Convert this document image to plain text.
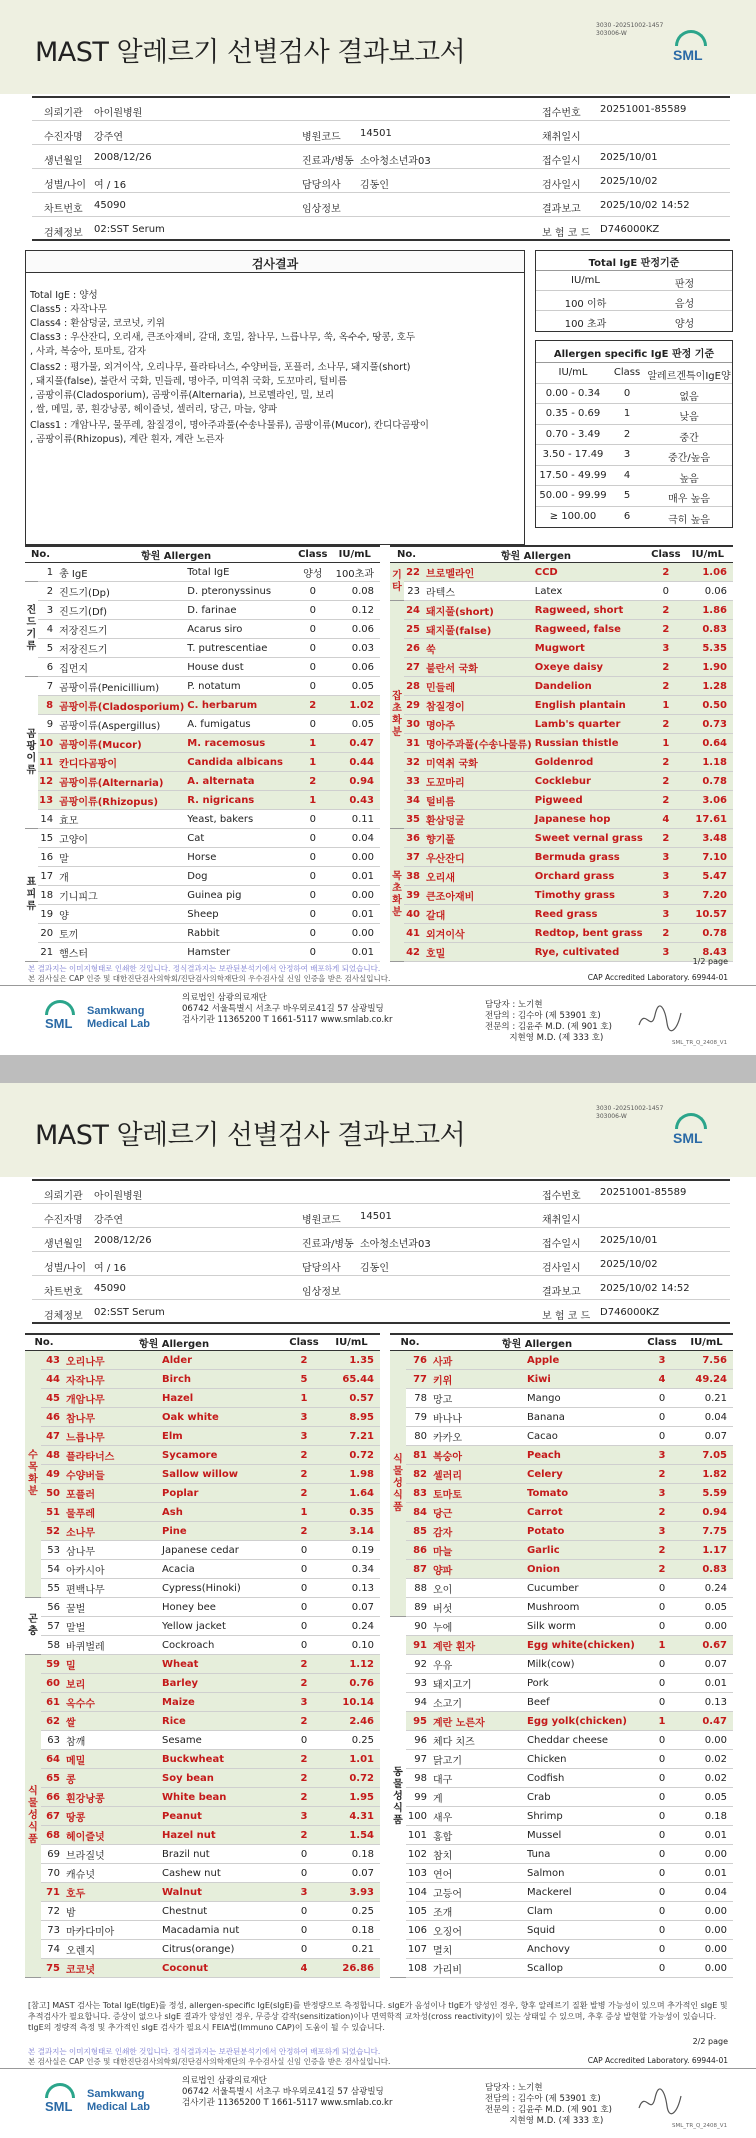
MAST 알레르기 선별검사 결과보고서
3030 -20251002-1457
303006-W
SML
의뢰기관 아이원병원	접수번호 20251001-85589
수진자명 강주연	병원코드 14501	채취일시
생년월일 2008/12/26	진료과/병동 소아청소년과03	접수일시 2025/10/01
성별/나이 여 / 16	담당의사 김동인	검사일시 2025/10/02
차트번호 45090	임상정보	결과보고 2025/10/02 14:52
검체정보 02:SST Serum	보 험 코 드 D746000KZ
검사결과
Total IgE : 양성
Class5 : 자작나무
Class4 : 환삼덩굴, 코코넛, 키위
Class3 : 우산잔디, 오리새, 큰조아재비, 갈대, 호밀, 참나무, 느릅나무, 쑥, 옥수수, 땅콩, 호두
, 사과, 복숭아, 토마토, 감자
Class2 : 평가물, 외겨이삭, 오리나무, 플라타너스, 수양버들, 포플러, 소나무, 돼지풀(short)
, 돼지풀(false), 불란서 국화, 민들레, 명아주, 미역취 국화, 도꼬마리, 털비름
, 곰팡이류(Cladosporium), 곰팡이류(Alternaria), 브로멜라인, 밀, 보리
, 쌀, 메밀, 콩, 흰강낭콩, 헤이즐넛, 셀러리, 당근, 마늘, 양파
Class1 : 개암나무, 물푸레, 참질경이, 명아주과풀(수송나물류), 곰팡이류(Mucor), 칸디다곰팡이
, 곰팡이류(Rhizopus), 계란 흰자, 계란 노른자
Total IgE 판정기준
IU/mL	판정
100 이하	음성
100 초과	양성
Allergen specific IgE 판정 기준
IU/mL	Class 알레르겐특이IgE양
0.00 - 0.34	0	없음
0.35 - 0.69	1	낮음
0.70 - 3.49	2	중간
3.50 - 17.49	3	중간/높음
17.50 - 49.99	4	높음
50.00 - 99.99	5	매우 높음
≥ 100.00	6	극히 높음
No.		항원 Allergen		Class	IU/mL
	1	총 IgE	Total IgE	양성	100초과

진
드
기
류	2	진드기(Dp)	D. pteronyssinus	0	0.08
	3	진드기(Df)	D. farinae	0	0.12
	4	저장진드기	Acarus siro	0	0.06
	5	저장진드기	T. putrescentiae	0	0.03
	6	집먼지	House dust	0	0.06

곰
팡
이
류	7	곰팡이류(Penicillium)	P. notatum	0	0.05
	8	곰팡이류(Cladosporium)	C. herbarum	2	1.02
	9	곰팡이류(Aspergillus)	A. fumigatus	0	0.05
	10	곰팡이류(Mucor)	M. racemosus	1	0.47
	11	칸디다곰팡이	Candida albicans	1	0.44
	12	곰팡이류(Alternaria)	A. alternata	2	0.94
	13	곰팡이류(Rhizopus)	R. nigricans	1	0.43
	14	효모	Yeast, bakers	0	0.11

표
피
류	15	고양이	Cat	0	0.04
	16	말	Horse	0	0.00
	17	개	Dog	0	0.01
	18	기니피그	Guinea pig	0	0.00
	19	양	Sheep	0	0.01
	20	토끼	Rabbit	0	0.00
	21	햄스터	Hamster	0	0.01
No.		항원 Allergen		Class	IU/mL

기
타	22	브로멜라인	CCD	2	1.06
	23	라텍스	Latex	0	0.06

잡
초
화
분	24	돼지풀(short)	Ragweed, short	2	1.86
	25	돼지풀(false)	Ragweed, false	2	0.83
	26	쑥	Mugwort	3	5.35
	27	불란서 국화	Oxeye daisy	2	1.90
	28	민들레	Dandelion	2	1.28
	29	참질경이	English plantain	1	0.50
	30	명아주	Lamb's quarter	2	0.73
	31	명아주과풀(수송나물류)	Russian thistle	1	0.64
	32	미역취 국화	Goldenrod	2	1.18
	33	도꼬마리	Cocklebur	2	0.78
	34	털비름	Pigweed	2	3.06
	35	환삼덩굴	Japanese hop	4	17.61

목
초
화
분	36	향기풀	Sweet vernal grass	2	3.48
	37	우산잔디	Bermuda grass	3	7.10
	38	오리새	Orchard grass	3	5.47
	39	큰조아재비	Timothy grass	3	7.20
	40	갈대	Reed grass	3	10.57
	41	외겨이삭	Redtop, bent grass	2	0.78
	42	호밀	Rye, cultivated	3	8.43
본 결과지는 이미지형태로 인쇄한 것입니다. 정식결과지는 보관된분석기에서 안정하여 배포하게 되었습니다.
1/2 page
본 검사실은 CAP 인증 및 대한진단검사의학회/진단검사의학재단의 우수검사실 신임 인증을 받은 검사실입니다.	CAP Accredited Laboratory. 69944-01
SML
Samkwang
Medical Lab
의료법인 삼광의료재단
06742 서울특별시 서초구 바우뫼로41길 57 삼광빌딩
검사기관 11365200 T 1661-5117 www.smlab.co.kr
담당자 : 노기현
전담의 : 김수아 (제 53901 호)
전문의 : 김윤주 M.D. (제 901 호)
지현영 M.D. (제 333 호)	SML_TR_Q_2408_V1
MAST 알레르기 선별검사 결과보고서
3030 -20251002-1457
303006-W
SML
의뢰기관 아이원병원	접수번호 20251001-85589
수진자명 강주연	병원코드 14501	채취일시
생년월일 2008/12/26	진료과/병동 소아청소년과03	접수일시 2025/10/01
성별/나이 여 / 16	담당의사 김동인	검사일시 2025/10/02
차트번호 45090	임상정보	결과보고 2025/10/02 14:52
검체정보 02:SST Serum	보 험 코 드 D746000KZ
No.		항원 Allergen		Class	IU/mL

수
목
화
분	43	오리나무	Alder	2	1.35
	44	자작나무	Birch	5	65.44
	45	개암나무	Hazel	1	0.57
	46	참나무	Oak white	3	8.95
	47	느릅나무	Elm	3	7.21
	48	플라타너스	Sycamore	2	0.72
	49	수양버들	Sallow willow	2	1.98
	50	포플러	Poplar	2	1.64
	51	물푸레	Ash	1	0.35
	52	소나무	Pine	2	3.14
	53	삼나무	Japanese cedar	0	0.19
	54	아카시아	Acacia	0	0.34
	55	편백나무	Cypress(Hinoki)	0	0.13

곤
충	56	꿀벌	Honey bee	0	0.07
	57	말벌	Yellow jacket	0	0.24
	58	바퀴벌레	Cockroach	0	0.10

식
물
성
식
품	59	밀	Wheat	2	1.12
	60	보리	Barley	2	0.76
	61	옥수수	Maize	3	10.14
	62	쌀	Rice	2	2.46
	63	참깨	Sesame	0	0.25
	64	메밀	Buckwheat	2	1.01
	65	콩	Soy bean	2	0.72
	66	흰강낭콩	White bean	2	1.95
	67	땅콩	Peanut	3	4.31
	68	헤이즐넛	Hazel nut	2	1.54
	69	브라질넛	Brazil nut	0	0.18
	70	캐슈넛	Cashew nut	0	0.07
	71	호두	Walnut	3	3.93
	72	밤	Chestnut	0	0.25
	73	마카다미아	Macadamia nut	0	0.18
	74	오렌지	Citrus(orange)	0	0.21
	75	코코넛	Coconut	4	26.86
No.		항원 Allergen		Class	IU/mL

식
물
성
식
품	76	사과	Apple	3	7.56
	77	키위	Kiwi	4	49.24
	78	망고	Mango	0	0.21
	79	바나나	Banana	0	0.04
	80	카카오	Cacao	0	0.07
	81	복숭아	Peach	3	7.05
	82	셀러리	Celery	2	1.82
	83	토마토	Tomato	3	5.59
	84	당근	Carrot	2	0.94
	85	감자	Potato	3	7.75
	86	마늘	Garlic	2	1.17
	87	양파	Onion	2	0.83
	88	오이	Cucumber	0	0.24
	89	버섯	Mushroom	0	0.05

동
물
성
식
품	90	누에	Silk worm	0	0.00
	91	계란 흰자	Egg white(chicken)	1	0.67
	92	우유	Milk(cow)	0	0.07
	93	돼지고기	Pork	0	0.01
	94	소고기	Beef	0	0.13
	95	계란 노른자	Egg yolk(chicken)	1	0.47
	96	체다 치즈	Cheddar cheese	0	0.00
	97	닭고기	Chicken	0	0.02
	98	대구	Codfish	0	0.02
	99	게	Crab	0	0.05
	100	새우	Shrimp	0	0.18
	101	홍합	Mussel	0	0.01
	102	참치	Tuna	0	0.00
	103	연어	Salmon	0	0.01
	104	고등어	Mackerel	0	0.04
	105	조개	Clam	0	0.00
	106	오징어	Squid	0	0.00
	107	멸치	Anchovy	0	0.00
	108	가리비	Scallop	0	0.00
[참고] MAST 검사는 Total IgE(tIgE)를 정성, allergen-specific IgE(sIgE)를 반정량으로 측정합니다. sIgE가 음성이나 tIgE가 양성인 경우, 향후 알레르기 질환 발병 가능성이 있으며 추가적인 sIgE 및 추적검사가 필요합니다. 증상이 없으나 sIgE 결과가 양성인 경우, 무증상 감작(sensitization)이나 면역학적 교차성(cross reactivity)이 있는 상태일 수 있으며, 추후 증상 발현할 가능성이 있습니다. tIgE의 정량적 측정 및 추가적인 sIgE 검사가 필요시 FEIA법(Immuno CAP)이 도움이 될 수 있습니다.
2/2 page
본 결과지는 이미지형태로 인쇄한 것입니다. 정식결과지는 보관된분석기에서 안정하여 배포하게 되었습니다.
본 검사실은 CAP 인증 및 대한진단검사의학회/진단검사의학재단의 우수검사실 신임 인증을 받은 검사실입니다.	CAP Accredited Laboratory. 69944-01
SML
Samkwang
Medical Lab
의료법인 삼광의료재단
06742 서울특별시 서초구 바우뫼로41길 57 삼광빌딩
검사기관 11365200 T 1661-5117 www.smlab.co.kr
담당자 : 노기현
전담의 : 김수아 (제 53901 호)
전문의 : 김윤주 M.D. (제 901 호)
지현영 M.D. (제 333 호)	SML_TR_Q_2408_V1
